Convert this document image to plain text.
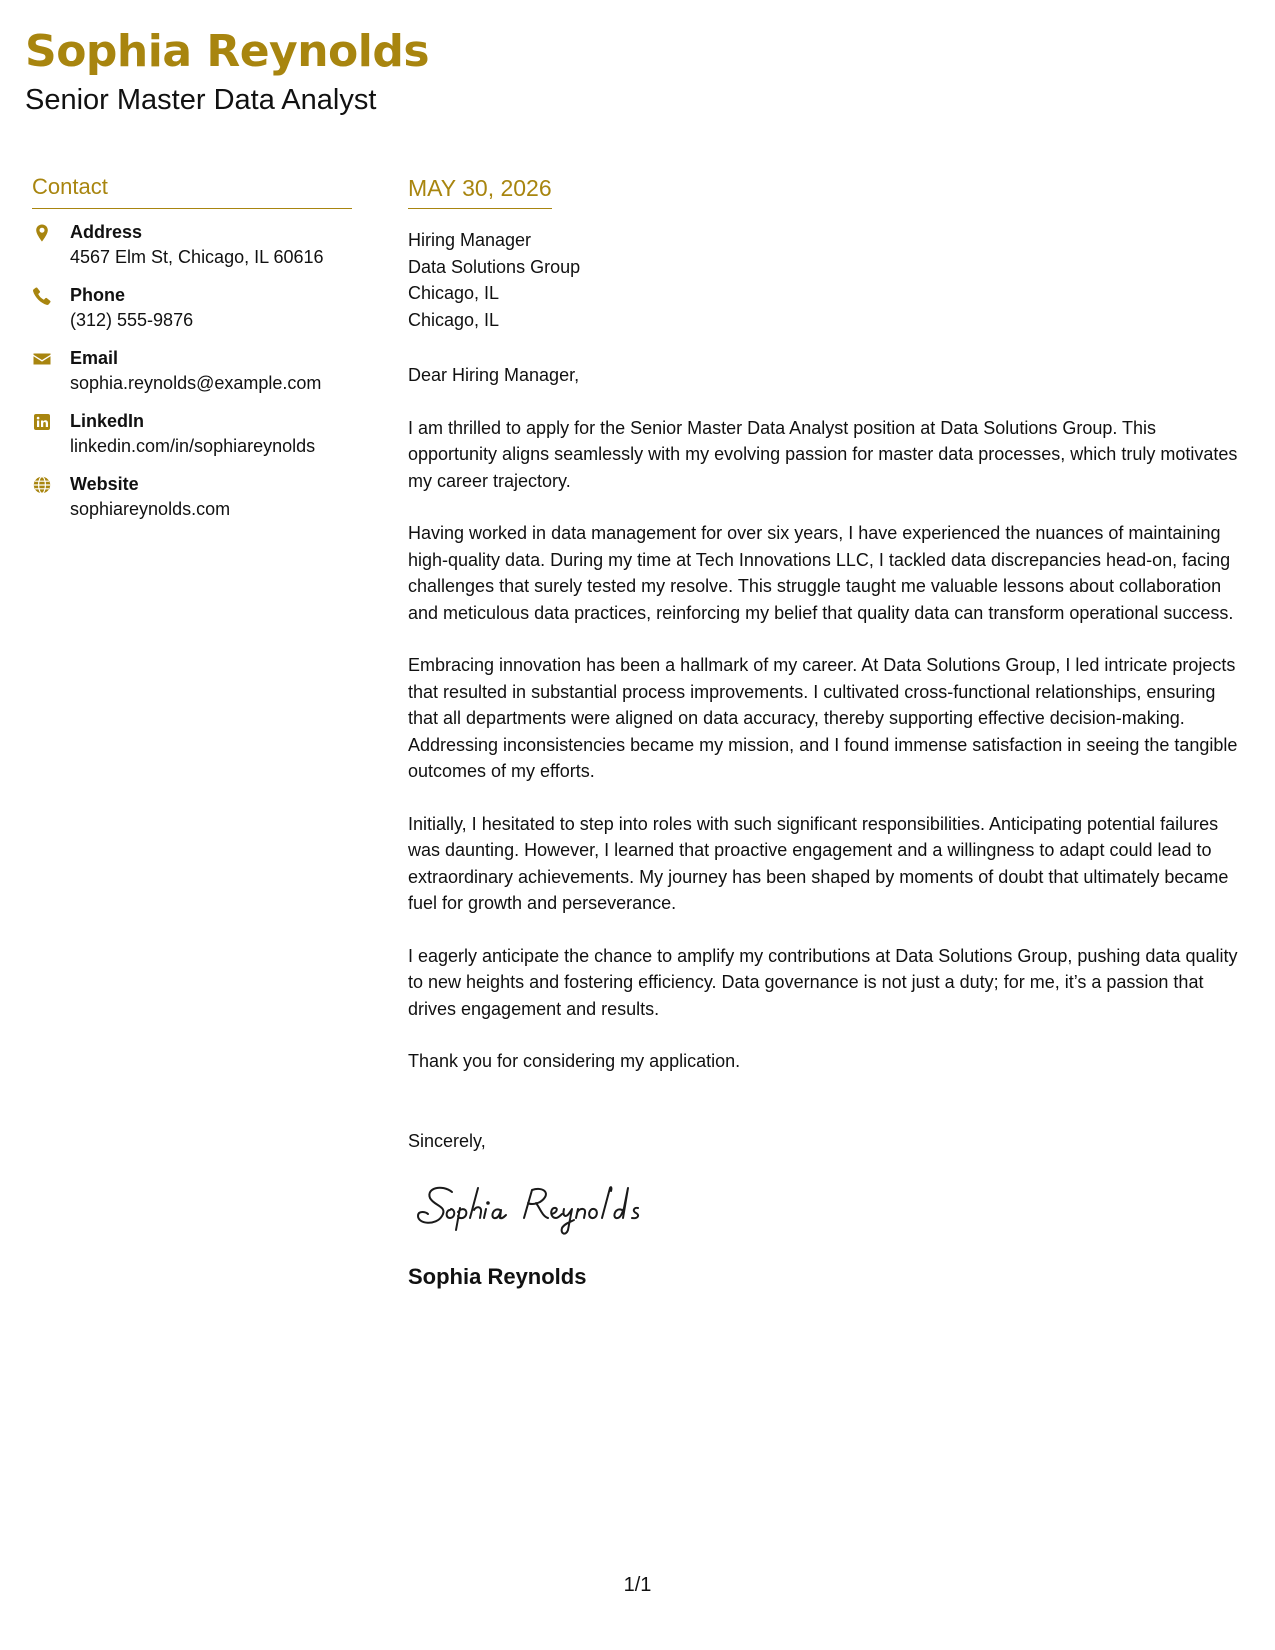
Sophia Reynolds
Senior Master Data Analyst
Contact
Address
4567 Elm St, Chicago, IL 60616
Phone
(312) 555-9876
Email
sophia.reynolds@example.com
LinkedIn
linkedin.com/in/sophiareynolds
Website
sophiareynolds.com
MAY 30, 2026
Hiring Manager
Data Solutions Group
Chicago, IL
Chicago, IL
Dear Hiring Manager,
I am thrilled to apply for the Senior Master Data Analyst position at Data Solutions Group. This opportunity aligns seamlessly with my evolving passion for master data processes, which truly motivates my career trajectory.
Having worked in data management for over six years, I have experienced the nuances of maintaining high-quality data. During my time at Tech Innovations LLC, I tackled data discrepancies head-on, facing challenges that surely tested my resolve. This struggle taught me valuable lessons about collaboration and meticulous data practices, reinforcing my belief that quality data can transform operational success.
Embracing innovation has been a hallmark of my career. At Data Solutions Group, I led intricate projects that resulted in substantial process improvements. I cultivated cross-functional relationships, ensuring that all departments were aligned on data accuracy, thereby supporting effective decision-making. Addressing inconsistencies became my mission, and I found immense satisfaction in seeing the tangible outcomes of my efforts.
Initially, I hesitated to step into roles with such significant responsibilities. Anticipating potential failures was daunting. However, I learned that proactive engagement and a willingness to adapt could lead to extraordinary achievements. My journey has been shaped by moments of doubt that ultimately became fuel for growth and perseverance.
I eagerly anticipate the chance to amplify my contributions at Data Solutions Group, pushing data quality to new heights and fostering efficiency. Data governance is not just a duty; for me, it’s a passion that drives engagement and results.
Thank you for considering my application.
Sincerely,
Sophia Reynolds
1/1
